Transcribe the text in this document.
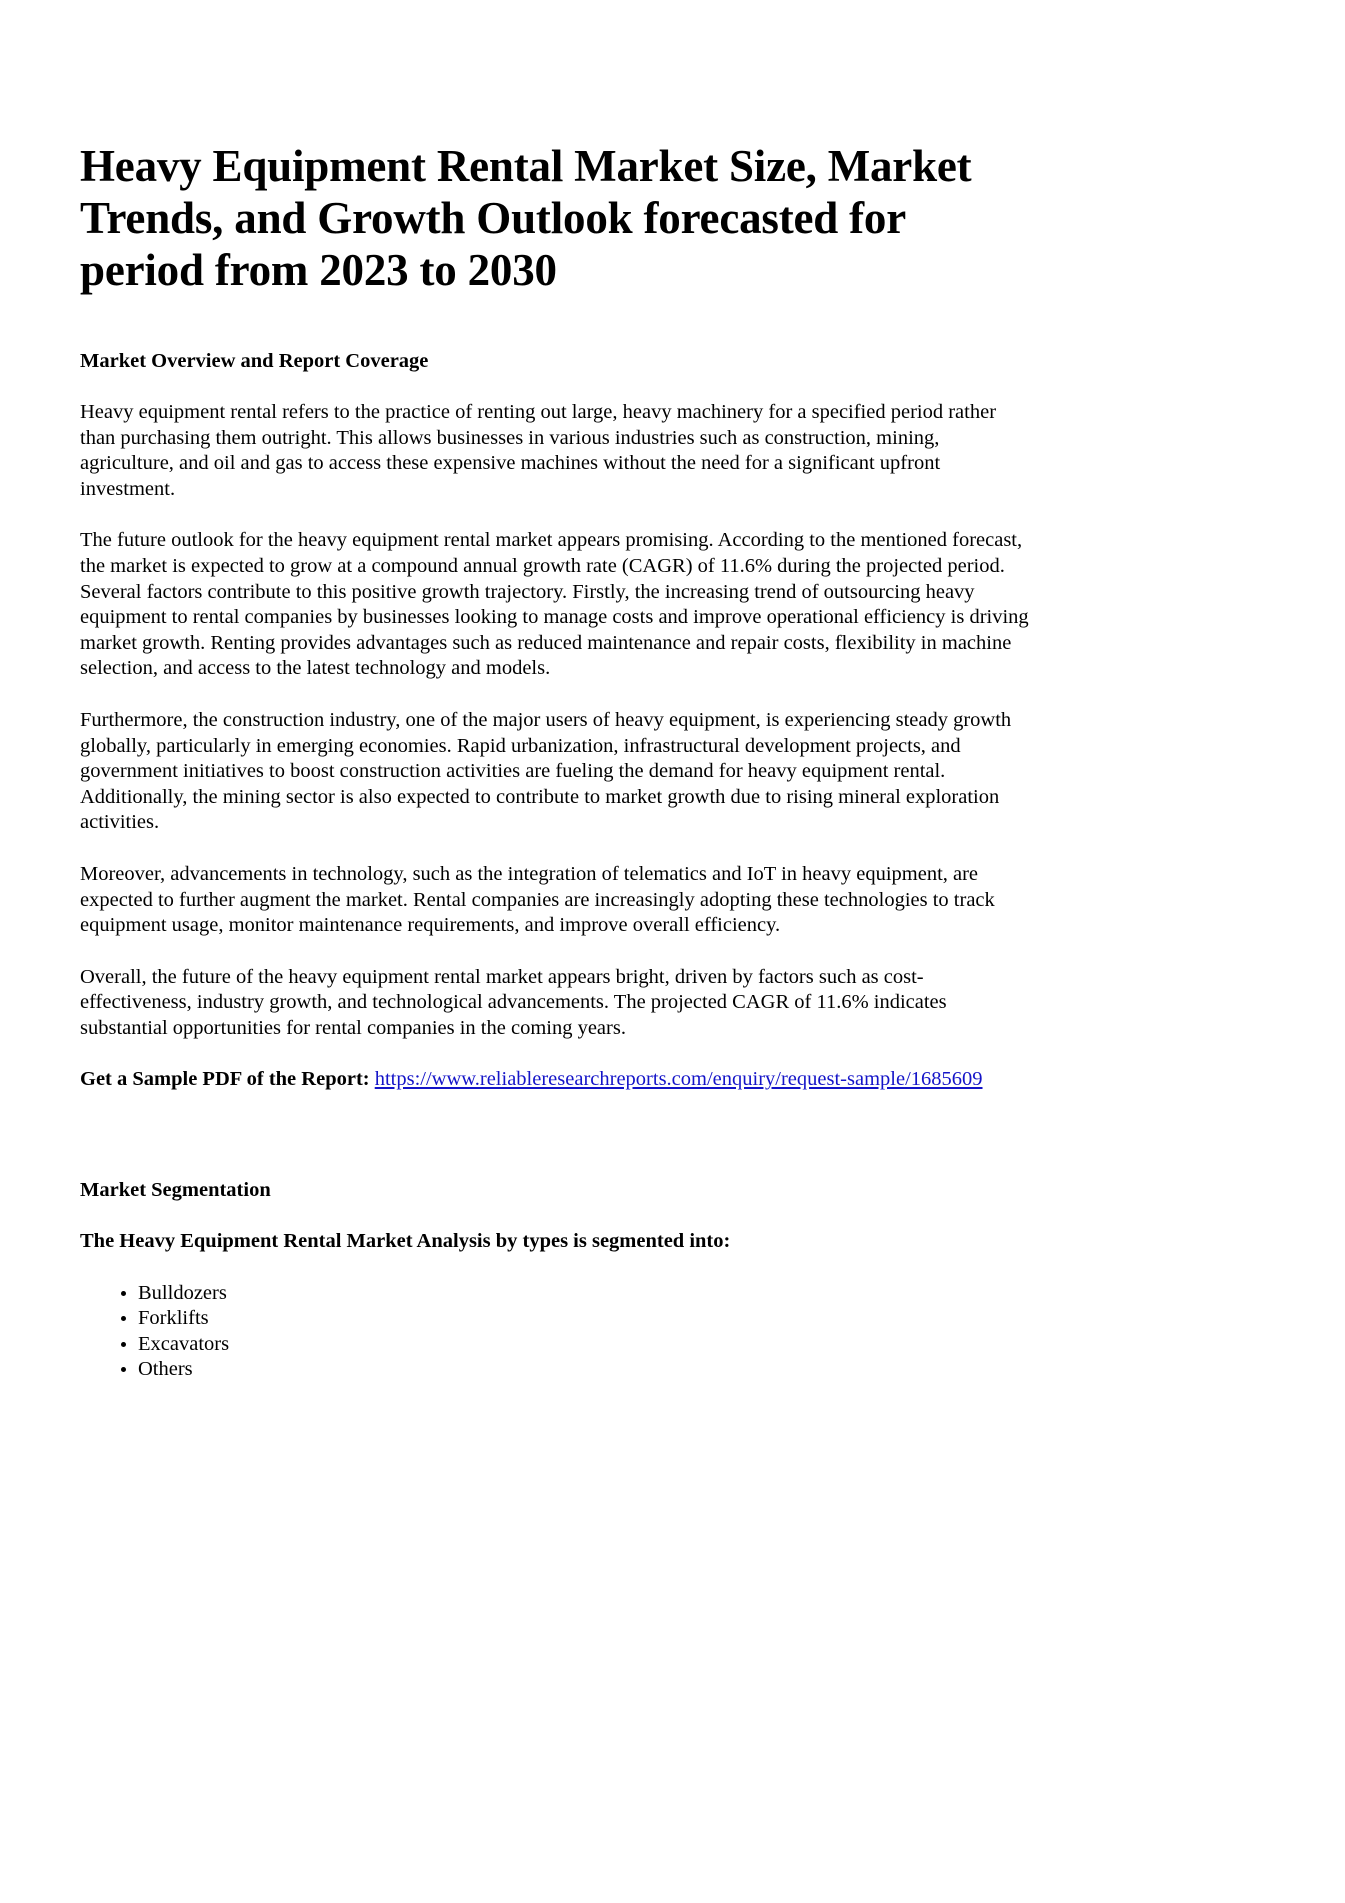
Heavy Equipment Rental Market Size, Market Trends, and Growth Outlook forecasted for period from 2023 to 2030
Market Overview and Report Coverage

Heavy equipment rental refers to the practice of renting out large, heavy machinery for a specified period rather than purchasing them outright. This allows businesses in various industries such as construction, mining, agriculture, and oil and gas to access these expensive machines without the need for a significant upfront investment.

The future outlook for the heavy equipment rental market appears promising. According to the mentioned forecast, the market is expected to grow at a compound annual growth rate (CAGR) of 11.6% during the projected period. Several factors contribute to this positive growth trajectory. Firstly, the increasing trend of outsourcing heavy equipment to rental companies by businesses looking to manage costs and improve operational efficiency is driving market growth. Renting provides advantages such as reduced maintenance and repair costs, flexibility in machine selection, and access to the latest technology and models.

Furthermore, the construction industry, one of the major users of heavy equipment, is experiencing steady growth globally, particularly in emerging economies. Rapid urbanization, infrastructural development projects, and government initiatives to boost construction activities are fueling the demand for heavy equipment rental. Additionally, the mining sector is also expected to contribute to market growth due to rising mineral exploration activities.

Moreover, advancements in technology, such as the integration of telematics and IoT in heavy equipment, are expected to further augment the market. Rental companies are increasingly adopting these technologies to track equipment usage, monitor maintenance requirements, and improve overall efficiency.

Overall, the future of the heavy equipment rental market appears bright, driven by factors such as cost-effectiveness, industry growth, and technological advancements. The projected CAGR of 11.6% indicates substantial opportunities for rental companies in the coming years.

Get a Sample PDF of the Report: https://www.reliableresearchreports.com/enquiry/request-sample/1685609

Market Segmentation

The Heavy Equipment Rental Market Analysis by types is segmented into:

• Bulldozers
• Forklifts
• Excavators
• Others
